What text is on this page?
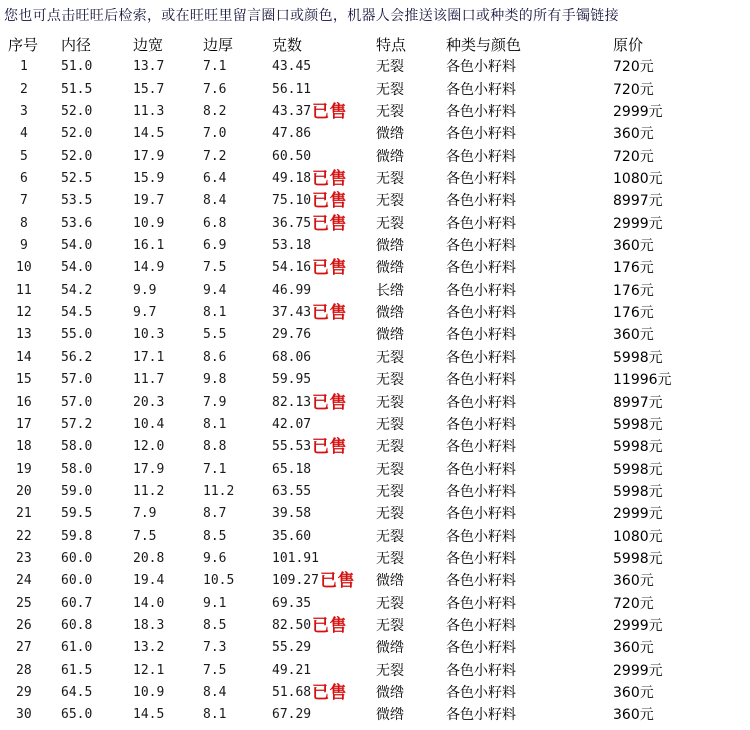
您也可点击旺旺后检索，或在旺旺里留言圈口或颜色，机器人会推送该圈口或种类的所有手镯链接
序号 内径	边宽	边厚	克数	特点	种类与颜色	原价
1	51.0	13.7	7.1	43.45	无裂	各色小籽料	720元
2	51.5	15.7	7.6	56.11	无裂	各色小籽料	720元
3	52.0	11.3	8.2	43.37	无裂	各色小籽料	2999元
已售
4	52.0	14.5	7.0	47.86	微绺	各色小籽料	360元
5	52.0	17.9	7.2	60.50	微绺	各色小籽料	720元
6	52.5	15.9	6.4	49.18	无裂	各色小籽料	1080元
已售
7	53.5	19.7	8.4	75.10	无裂	各色小籽料	8997元
已售
8	53.6	10.9	6.8	36.75	无裂	各色小籽料	2999元
已售
9	54.0	16.1	6.9	53.18	微绺	各色小籽料	360元
10 54.0	14.9	7.5	54.16	微绺	各色小籽料	176元
已售
11 54.2	9.9	9.4	46.99	长绺	各色小籽料	176元
12 54.5	9.7	8.1	37.43	微绺	各色小籽料	176元
已售
13 55.0	10.3	5.5	29.76	微绺	各色小籽料	360元
14 56.2	17.1	8.6	68.06	无裂	各色小籽料	5998元
15 57.0	11.7	9.8	59.95	无裂	各色小籽料	11996元
16 57.0	20.3	7.9	82.13	无裂	各色小籽料	8997元
已售
17 57.2	10.4	8.1	42.07	无裂	各色小籽料	5998元
18 58.0	12.0	8.8	55.53	无裂	各色小籽料	5998元
已售
19 58.0	17.9	7.1	65.18	无裂	各色小籽料	5998元
20 59.0	11.2	11.2	63.55	无裂	各色小籽料	5998元
21 59.5	7.9	8.7	39.58	无裂	各色小籽料	2999元
22 59.8	7.5	8.5	35.60	无裂	各色小籽料	1080元
23 60.0	20.8	9.6	101.91	无裂	各色小籽料	5998元
24 60.0	19.4	10.5	109.27	微绺	各色小籽料	360元
已售
25 60.7	14.0	9.1	69.35	无裂	各色小籽料	720元
26 60.8	18.3	8.5	82.50	无裂	各色小籽料	2999元
已售
27 61.0	13.2	7.3	55.29	微绺	各色小籽料	360元
28 61.5	12.1	7.5	49.21	无裂	各色小籽料	2999元
29 64.5	10.9	8.4	51.68	微绺	各色小籽料	360元
已售
30 65.0	14.5	8.1	67.29	微绺	各色小籽料	360元
